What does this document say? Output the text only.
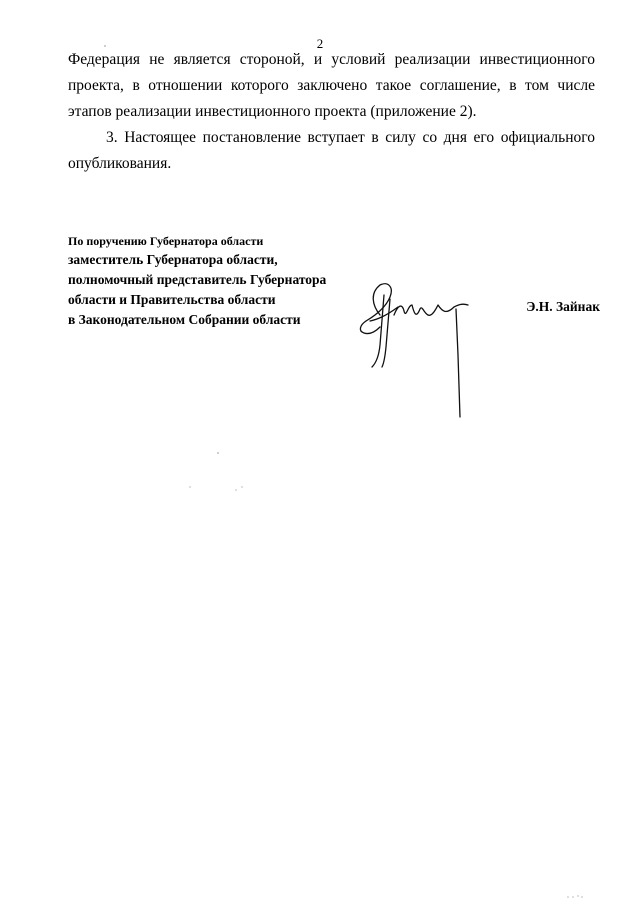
2

Федерация не является стороной, и условий реализации инвестиционного проекта, в отношении которого заключено такое соглашение, в том числе этапов реализации инвестиционного проекта (приложение 2).

3. Настоящее постановление вступает в силу со дня его официального опубликования.

По поручению Губернатора области
заместитель Губернатора области,
полномочный представитель Губернатора
области и Правительства области
в Законодательном Собрании области
Э.Н. Зайнак
